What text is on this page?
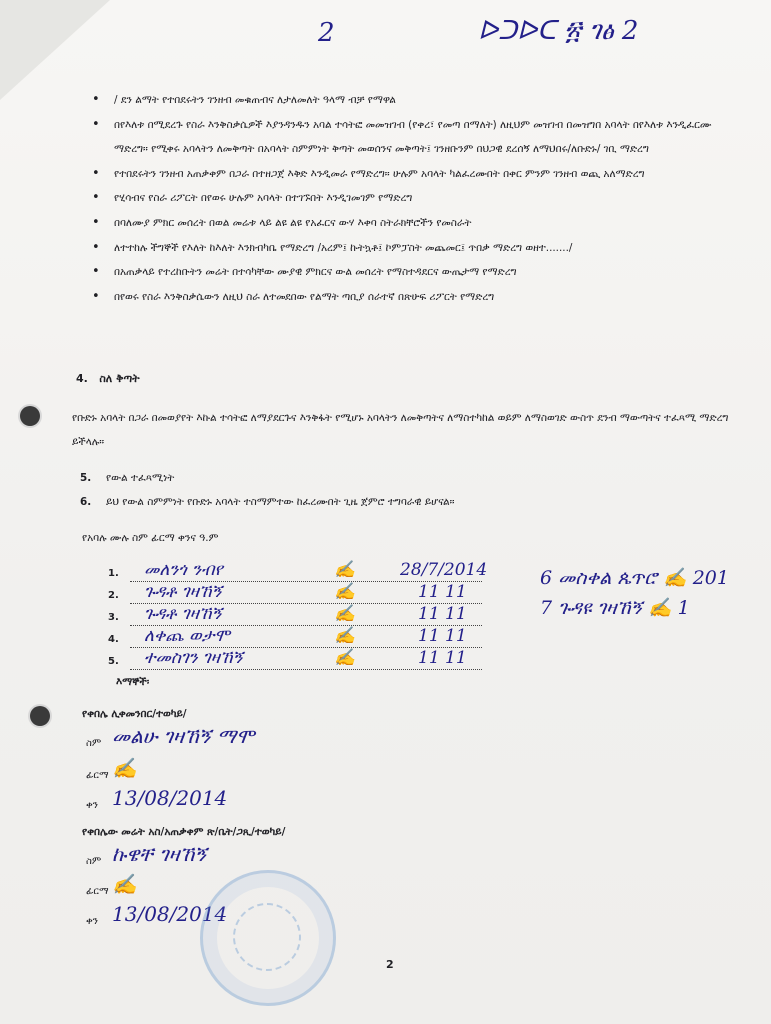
2	ᐅᑐᐅᑕ ፳ ገፅ 2
• / ደን ልማት የተበደሩትን ገንዘብ መቁጠብና ለታለመለት ዓላማ ብቻ የማዋል
• በየእለቱ በሚደረጉ የስራ እንቅስቃሴዎች እያንዳንዱን አባል ተሳትፎ መመዝገብ (የቀረ፣ የመጣ በማለት) ለዚህም መዝገብ በመዝግበ አባላት በየእለቱ እንዲፈርሙ ማድረግ። የሚቀሩ አባላትን ለመቅጣት በአባላት ስምምነት ቅጣት መወሰንና መቅጣት፤ ገንዘቡንም በህጋዊ ደረሰኝ ለማህበሩ/ለቡድኑ/ ገቢ ማድረግ
• የተበደሩትን ገንዘብ አጠቃቀም በጋራ በተዘጋጀ እቅድ እንዲመራ የማድረግ። ሁሉም አባላት ካልፈረሙበት በቀር ምንም ገንዘብ ወጪ አለማድረግ
• የሂሳብና የስራ ሪፖርት በየወሩ ሁሉም አባላት በተገኙበት እንዲገመገም የማድረግ
• በባለሙያ ምክር መሰረት በወል መሬቱ ላይ ልዩ ልዩ የአፈርና ውሃ እቀባ ስትራክቸሮችን የመስራት
• ለተተከሉ ችግኞች የእለት ከእለት እንክብካቤ የማድረግ /አረም፤ ኩትኳቶ፤ ኮምፓስት መጨመር፤ ጥበቃ ማድረግ ወዘተ......./
• በአጠቃላይ የተረከቡትን መሬት በተሳካቸው ሙያዊ ምክርና ውል መሰረት የማስተዳደርና ውጤታማ የማድረግ
• በየወሩ የስራ እንቅስቃሴውን ለዚህ ስራ ለተመደበው የልማት ጣቢያ ሰራተኛ በጽሁፍ ሪፖርት የማድረግ
4. ስለ ቅጣት
የቡድኑ አባላት በጋራ በመወያየት እኩል ተሳትፎ ለማያደርጉና እንቅፋት የሚሆኑ አባላትን ለመቅጣትና ለማስተካከል ወይም ለማስወገድ ውስጥ ደንብ ማውጣትና ተፈጻሚ ማድረግ ይችላሉ።
5. የውል ተፈጻሚነት
6. ይህ የውል ስምምነት የቡድኑ አባላት ተስማምተው ከፈረሙበት ጊዜ ጀምሮ ተግባራዊ ይሆናል።
የአባሉ ሙሉ ስም ፊርማ ቀንና ዓ.ም
1. መለንጎ ንብየ	✍	28/7/2014
2. ጉዳቶ ገዛኸኝ	✍	11 11
3. ጉዳቶ ገዛኸኝ	✍	11 11
4. ለቀጨ ወታሞ	✍	11 11
5. ተመስገን ገዛኸኝ	✍	11 11
6 መስቀል ጴጥሮ ✍ 201
7 ጉዳዩ ገዛኸኝ ✍ 1
እማኞች፡
የቀበሌ ሊቀመንበር/ተወካይ/
ስም መልሁ ገዛኸኝ ማሞ
ፊርማ ✍
ቀን 13/08/2014
የቀበሌው መሬት አስ/አጠቃቀም ጽ/ቤት/ጋጺ/ተወካይ/
ስም ኩዌቸ ገዛኸኝ
ፊርማ ✍
ቀን 13/08/2014
2
